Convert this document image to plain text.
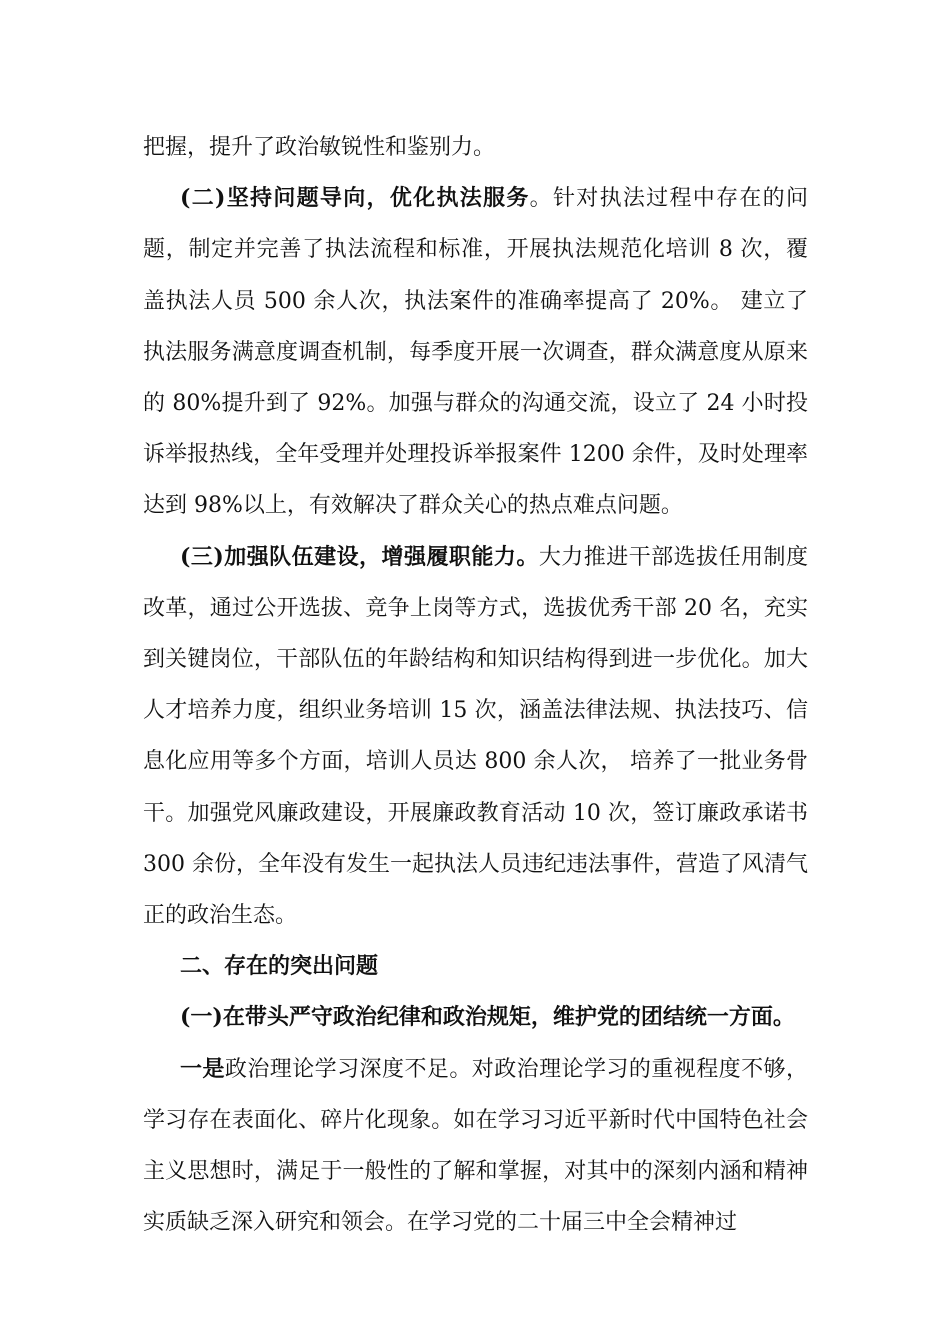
把握，提升了政治敏锐性和鉴别力。

(二)坚持问题导向，优化执法服务。针对执法过程中存在的问题，制定并完善了执法流程和标准，开展执法规范化培训 8 次，覆盖执法人员 500 余人次，执法案件的准确率提高了 20%。 建立了执法服务满意度调查机制，每季度开展一次调查，群众满意度从原来的 80%提升到了 92%。加强与群众的沟通交流，设立了 24 小时投诉举报热线，全年受理并处理投诉举报案件 1200 余件，及时处理率达到 98%以上，有效解决了群众关心的热点难点问题。

(三)加强队伍建设，增强履职能力。大力推进干部选拔任用制度改革，通过公开选拔、竞争上岗等方式，选拔优秀干部 20 名，充实到关键岗位，干部队伍的年龄结构和知识结构得到进一步优化。加大人才培养力度，组织业务培训 15 次，涵盖法律法规、执法技巧、信息化应用等多个方面，培训人员达 800 余人次， 培养了一批业务骨干。加强党风廉政建设，开展廉政教育活动 10 次，签订廉政承诺书 300 余份，全年没有发生一起执法人员违纪违法事件，营造了风清气正的政治生态。

二、存在的突出问题

(一)在带头严守政治纪律和政治规矩，维护党的团结统一方面。

一是政治理论学习深度不足。对政治理论学习的重视程度不够，学习存在表面化、碎片化现象。如在学习习近平新时代中国特色社会主义思想时，满足于一般性的了解和掌握，对其中的深刻内涵和精神实质缺乏深入研究和领会。在学习党的二十届三中全会精神过
